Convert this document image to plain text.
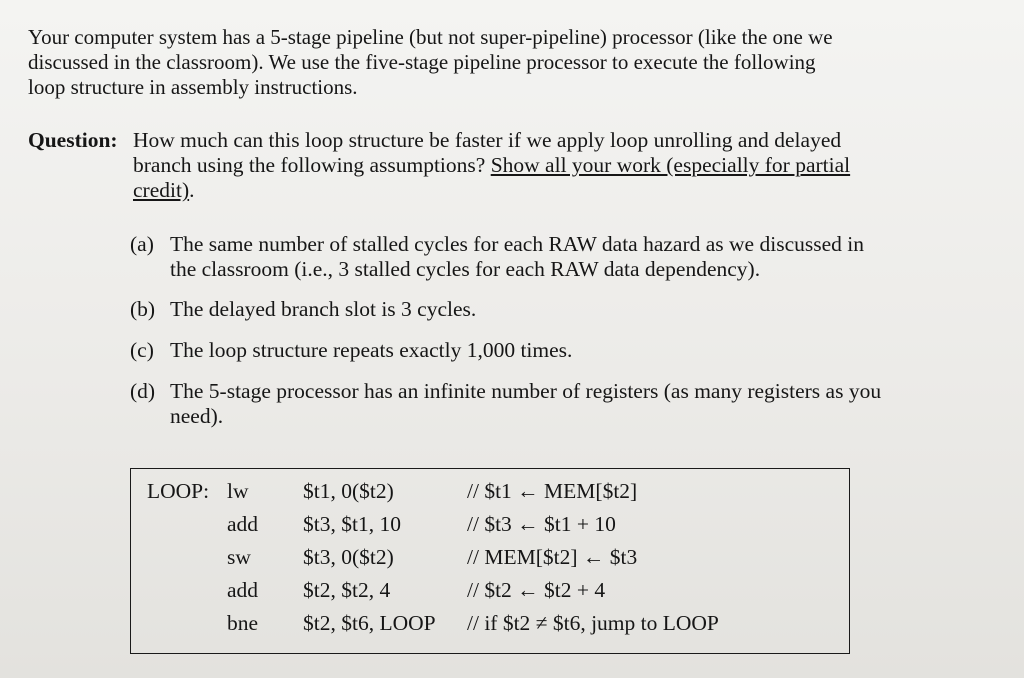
Your computer system has a 5-stage pipeline (but not super-pipeline) processor (like the one we
discussed in the classroom). We use the five-stage pipeline processor to execute the following
loop structure in assembly instructions.
Question: How much can this loop structure be faster if we apply loop unrolling and delayed
branch using the following assumptions? Show all your work (especially for partial
credit).
(a) The same number of stalled cycles for each RAW data hazard as we discussed in
the classroom (i.e., 3 stalled cycles for each RAW data dependency).
(b) The delayed branch slot is 3 cycles.
(c) The loop structure repeats exactly 1,000 times.
(d) The 5-stage processor has an infinite number of registers (as many registers as you
need).
LOOP: lw	$t1, 0($t2)	// $t1 ← MEM[$t2]
add $t3, $t1, 10	// $t3 ← $t1 + 10
sw $t3, 0($t2)	// MEM[$t2] ← $t3
add $t2, $t2, 4	// $t2 ← $t2 + 4
bne $t2, $t6, LOOP // if $t2 ≠ $t6, jump to LOOP
